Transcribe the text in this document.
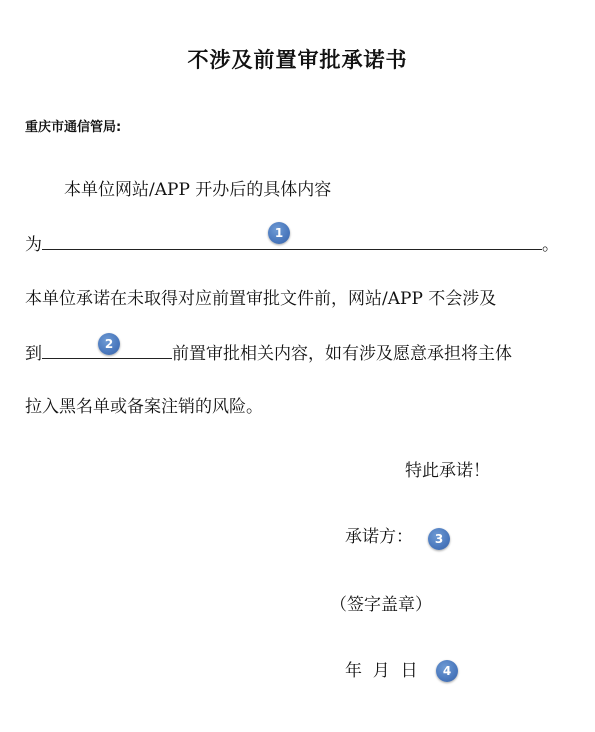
不涉及前置审批承诺书
重庆市通信管局:
本单位网站/APP 开办后的具体内容
为	。
本单位承诺在未取得对应前置审批文件前，网站/APP 不会涉及
到	前置审批相关内容，如有涉及愿意承担将主体
拉入黑名单或备案注销的风险。
特此承诺！
承诺方：
（签字盖章）
年  月  日
1
2
3
4
